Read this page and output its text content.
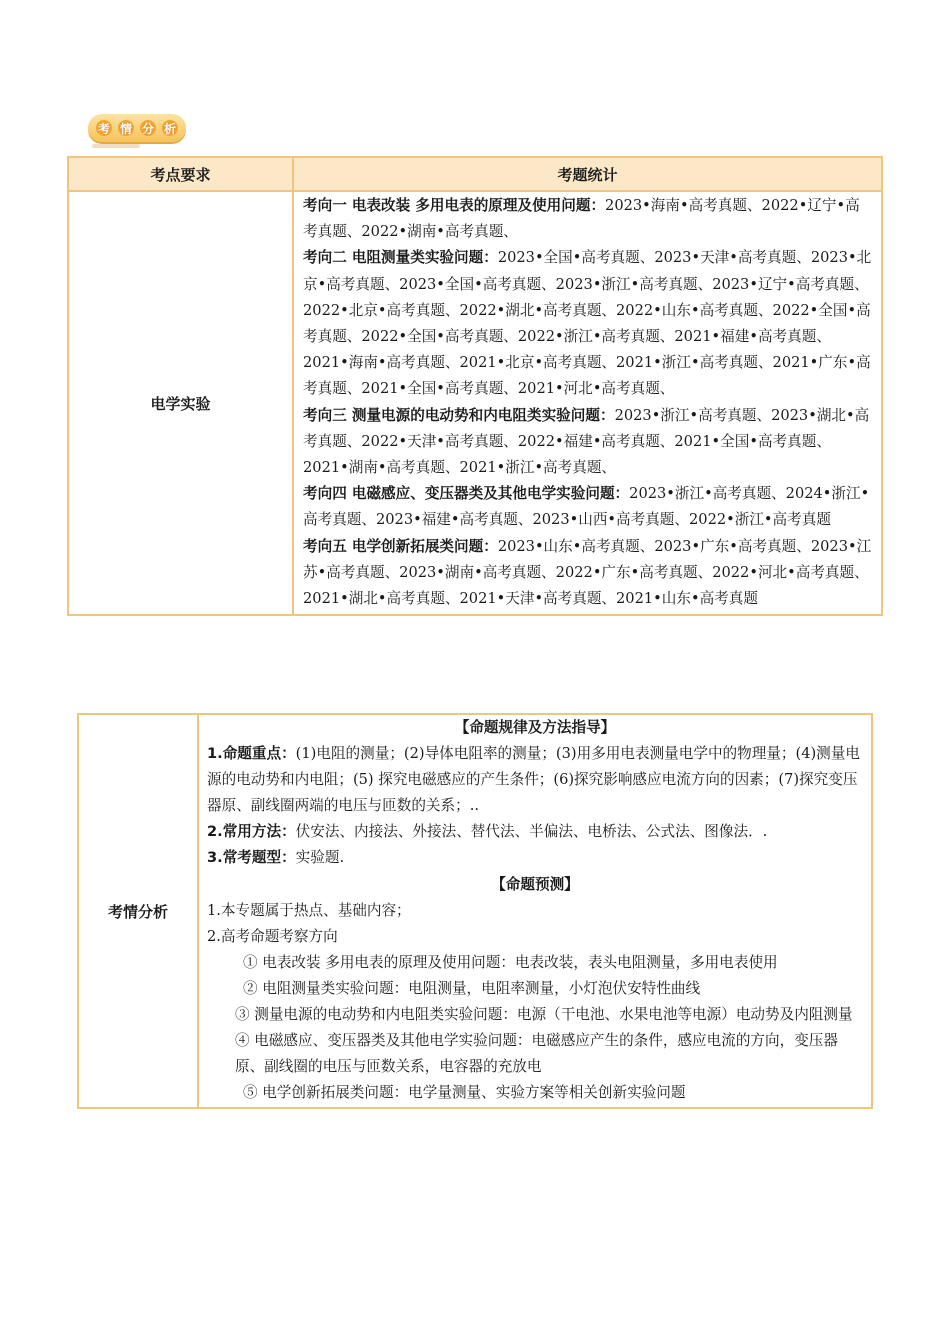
考 情 分 析
考点要求	考题统计
电学实验	考向一 电表改装 多用电表的原理及使用问题：2023•海南•高考真题、2022•辽宁•高考真题、2022•湖南•高考真题、
考向二 电阻测量类实验问题：2023•全国•高考真题、2023•天津•高考真题、2023•北京•高考真题、2023•全国•高考真题、2023•浙江•高考真题、2023•辽宁•高考真题、2022•北京•高考真题、2022•湖北•高考真题、2022•山东•高考真题、2022•全国•高考真题、2022•全国•高考真题、2022•浙江•高考真题、2021•福建•高考真题、2021•海南•高考真题、2021•北京•高考真题、2021•浙江•高考真题、2021•广东•高考真题、2021•全国•高考真题、2021•河北•高考真题、
考向三 测量电源的电动势和内电阻类实验问题：2023•浙江•高考真题、2023•湖北•高考真题、2022•天津•高考真题、2022•福建•高考真题、2021•全国•高考真题、2021•湖南•高考真题、2021•浙江•高考真题、
考向四 电磁感应、变压器类及其他电学实验问题：2023•浙江•高考真题、2024•浙江•高考真题、2023•福建•高考真题、2023•山西•高考真题、2022•浙江•高考真题
考向五 电学创新拓展类问题：2023•山东•高考真题、2023•广东•高考真题、2023•江苏•高考真题、2023•湖南•高考真题、2022•广东•高考真题、2022•河北•高考真题、2021•湖北•高考真题、2021•天津•高考真题、2021•山东•高考真题
考情分析	
【命题规律及方法指导】
1.命题重点：(1)电阻的测量；(2)导体电阻率的测量；(3)用多用电表测量电学中的物理量；(4)测量电源的电动势和内电阻；(5) 探究电磁感应的产生条件；(6)探究影响感应电流方向的因素；(7)探究变压器原、副线圈两端的电压与匝数的关系；..
2.常用方法：伏安法、内接法、外接法、替代法、半偏法、电桥法、公式法、图像法．.
3.常考题型：实验题.
【命题预测】
1.本专题属于热点、基础内容；
2.高考命题考察方向
① 电表改装 多用电表的原理及使用问题：电表改装，表头电阻测量，多用电表使用
② 电阻测量类实验问题：电阻测量，电阻率测量，小灯泡伏安特性曲线
③ 测量电源的电动势和内电阻类实验问题：电源（干电池、水果电池等电源）电动势及内阻测量
④ 电磁感应、变压器类及其他电学实验问题：电磁感应产生的条件，感应电流的方向，变压器原、副线圈的电压与匝数关系，电容器的充放电
⑤ 电学创新拓展类问题：电学量测量、实验方案等相关创新实验问题
